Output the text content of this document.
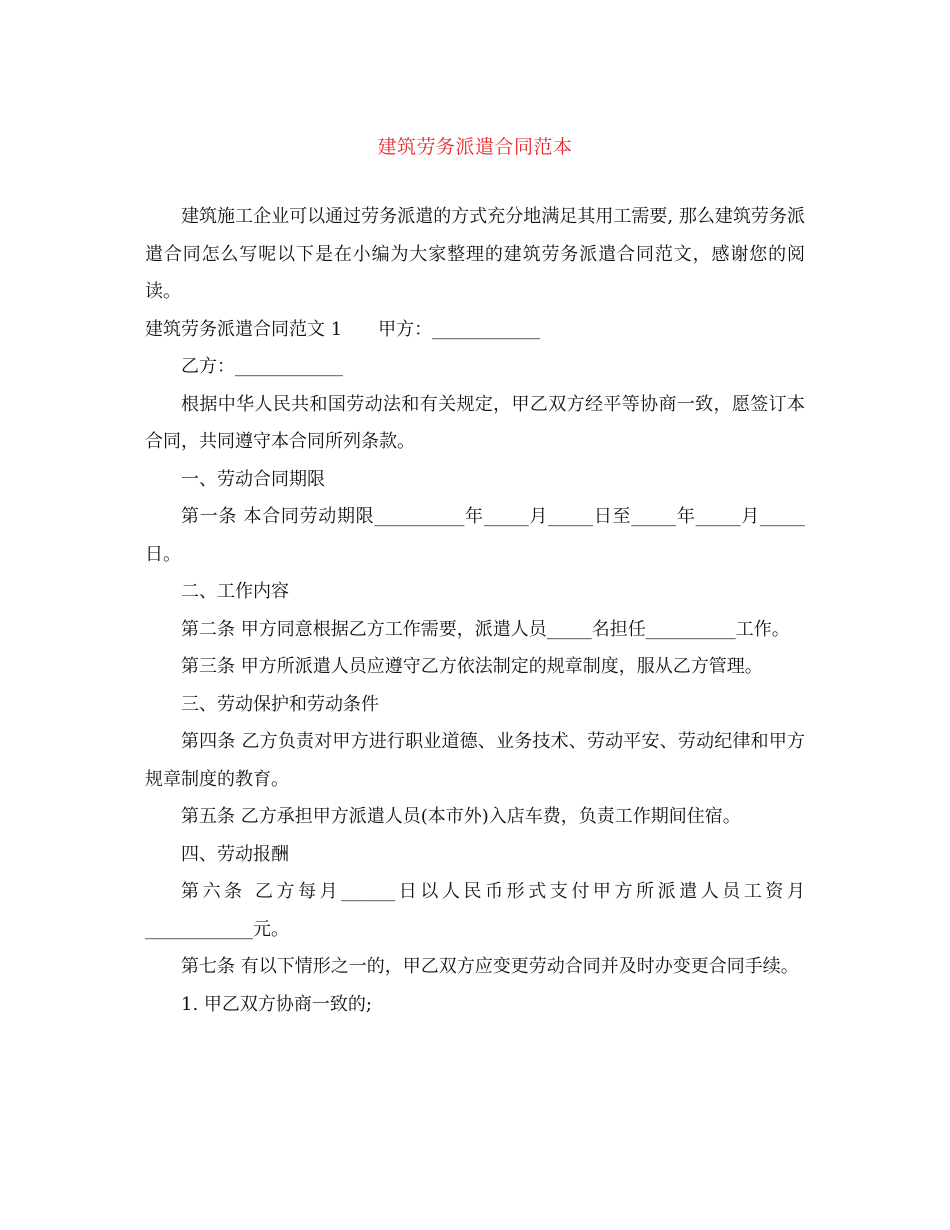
建筑劳务派遣合同范本

建筑施工企业可以通过劳务派遣的方式充分地满足其用工需要, 那么建筑劳务派遣合同怎么写呢以下是在小编为大家整理的建筑劳务派遣合同范文，感谢您的阅读。

建筑劳务派遣合同范文 1　　甲方：____________

乙方：____________

根据中华人民共和国劳动法和有关规定，甲乙双方经平等协商一致，愿签订本合同，共同遵守本合同所列条款。

一、劳动合同期限

第一条 本合同劳动期限__________年_____月_____日至_____年_____月_____日。

二、工作内容

第二条 甲方同意根据乙方工作需要，派遣人员_____名担任__________工作。

第三条 甲方所派遣人员应遵守乙方依法制定的规章制度，服从乙方管理。

三、劳动保护和劳动条件

第四条 乙方负责对甲方进行职业道德、业务技术、劳动平安、劳动纪律和甲方规章制度的教育。

第五条 乙方承担甲方派遣人员(本市外)入店车费，负责工作期间住宿。

四、劳动报酬

第六条 乙方每月______日以人民币形式支付甲方所派遣人员工资月____________元。

第七条 有以下情形之一的，甲乙双方应变更劳动合同并及时办变更合同手续。

1. 甲乙双方协商一致的;
